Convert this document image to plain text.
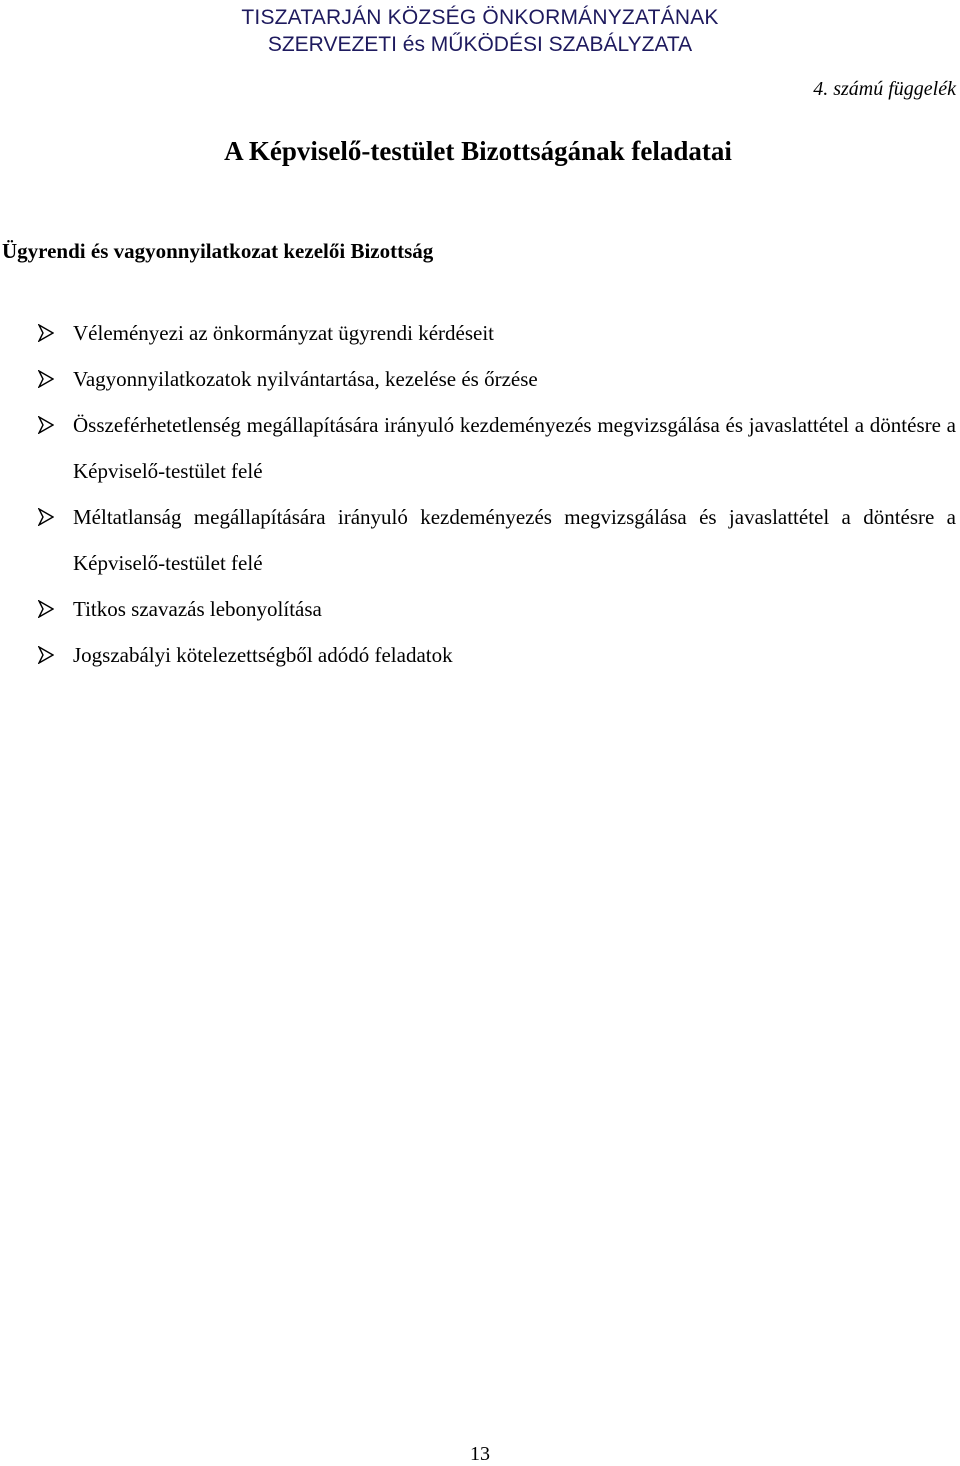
TISZATARJÁN KÖZSÉG ÖNKORMÁNYZATÁNAK
SZERVEZETI és MŰKÖDÉSI SZABÁLYZATA
4. számú függelék
A Képviselő-testület Bizottságának feladatai
Ügyrendi és vagyonnyilatkozat kezelői Bizottság
Véleményezi az önkormányzat ügyrendi kérdéseit
Vagyonnyilatkozatok nyilvántartása, kezelése és őrzése
Összeférhetetlenség megállapítására irányuló kezdeményezés megvizsgálása és javaslattétel a döntésre a Képviselő-testület felé
Méltatlanság megállapítására irányuló kezdeményezés megvizsgálása és javaslattétel a döntésre a Képviselő-testület felé
Titkos szavazás lebonyolítása
Jogszabályi kötelezettségből adódó feladatok
13
